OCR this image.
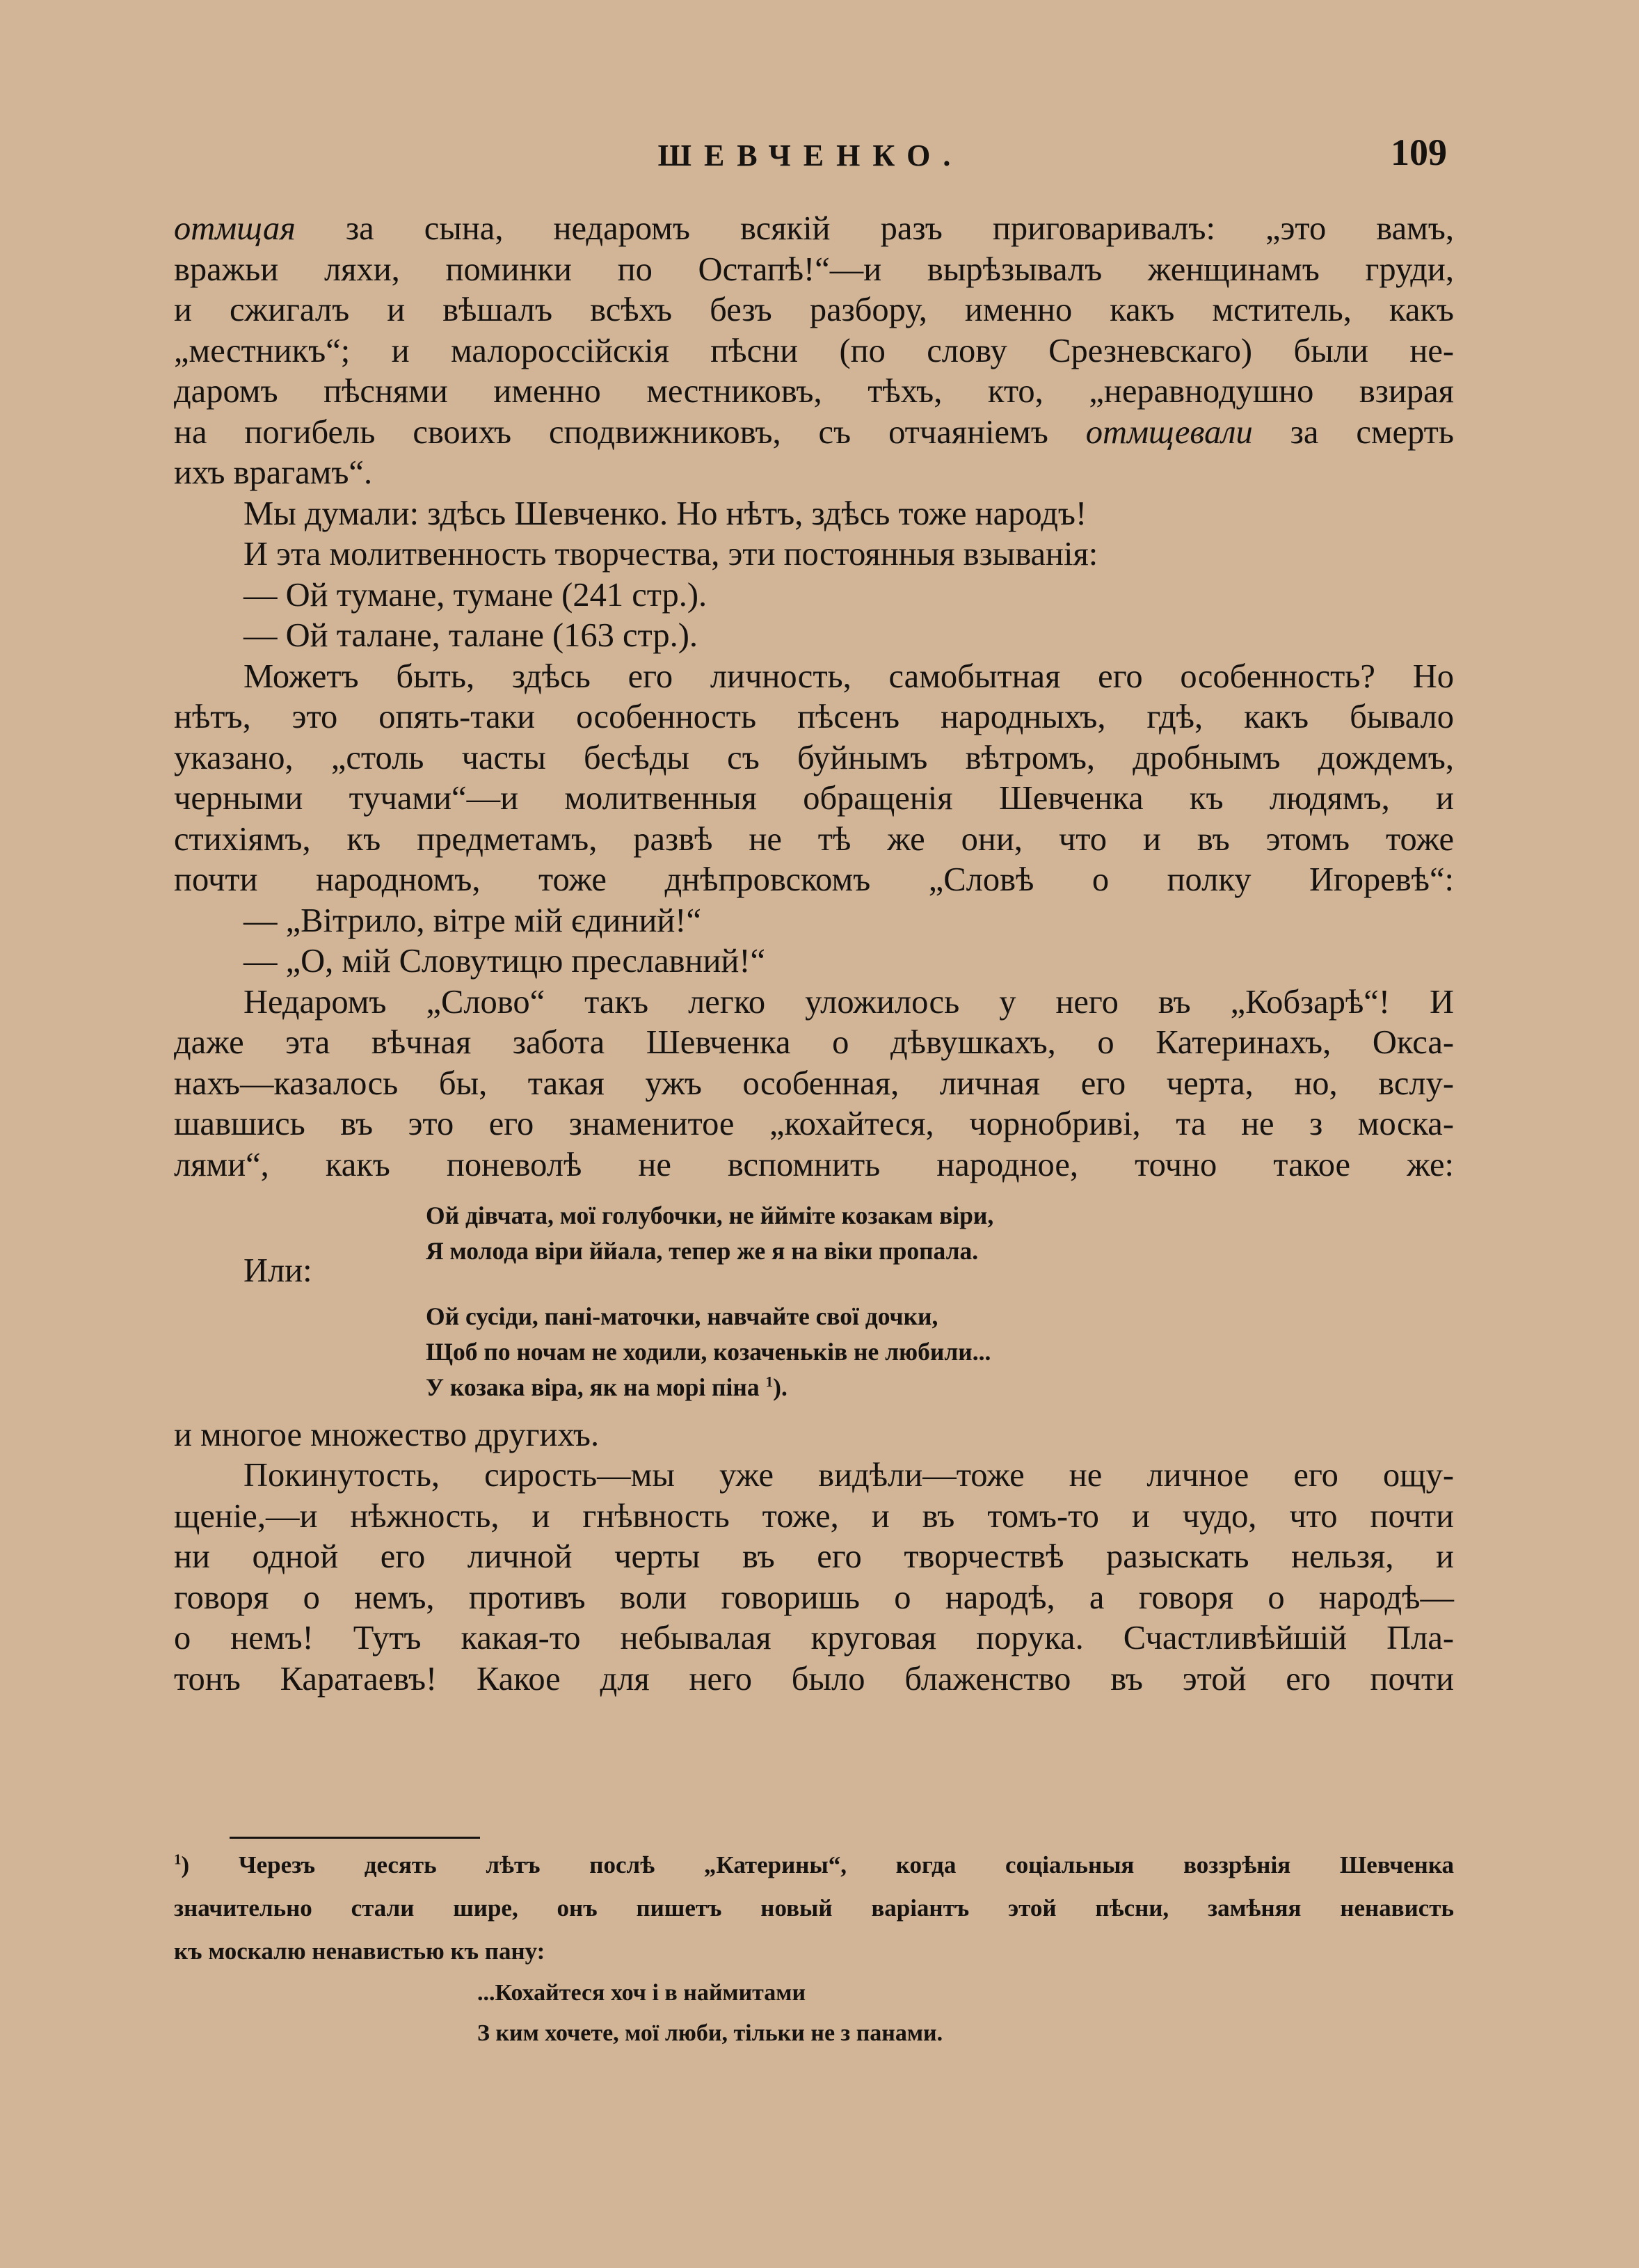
ШЕВЧЕНКО.	109
отмщая за сына, недаромъ всякій разъ приговаривалъ: „это вамъ,
вражьи ляхи, поминки по Остапѣ!“—и вырѣзывалъ женщинамъ груди,
и сжигалъ и вѣшалъ всѣхъ безъ разбору, именно какъ мститель, какъ
„местникъ“; и малороссійскія пѣсни (по слову Срезневскаго) были не-
даромъ пѣснями именно местниковъ, тѣхъ, кто, „неравнодушно взирая
на погибель своихъ сподвижниковъ, съ отчаяніемъ отмщевали за смерть
ихъ врагамъ“.
Мы думали: здѣсь Шевченко. Но нѣтъ, здѣсь тоже народъ!
И эта молитвенность творчества, эти постоянныя взыванія:
— Ой тумане, тумане (241 стр.).
— Ой талане, талане (163 стр.).
Можетъ быть, здѣсь его личность, самобытная его особенность? Но
нѣтъ, это опять-таки особенность пѣсенъ народныхъ, гдѣ, какъ бывало
указано, „столь часты бесѣды съ буйнымъ вѣтромъ, дробнымъ дождемъ,
черными тучами“—и молитвенныя обращенія Шевченка къ людямъ, и
стихіямъ, къ предметамъ, развѣ не тѣ же они, что и въ этомъ тоже
почти народномъ, тоже днѣпровскомъ „Словѣ о полку Игоревѣ“:
— „Вітрило, вітре мій єдиний!“
— „О, мій Словутицю преславний!“
Недаромъ „Слово“ такъ легко уложилось у него въ „Кобзарѣ“! И
даже эта вѣчная забота Шевченка о дѣвушкахъ, о Катеринахъ, Окса-
нахъ—казалось бы, такая ужъ особенная, личная его черта, но, вслу-
шавшись въ это его знаменитое „кохайтеся, чорнобриві, та не з моска-
лями“, какъ поневолѣ не вспомнить народное, точно такое же:
Ой дівчата, мої голубочки, не ййміте козакам віри,
Я молода віри ййала, тепер же я на віки пропала.
Или:
Ой сусіди, пані-маточки, навчайте свої дочки,
Щоб по ночам не ходили, козаченьків не любили...
У козака віра, як на морі піна $^1$).
и многое множество другихъ.
Покинутость, сирость—мы уже видѣли—тоже не личное его ощу-
щеніе,—и нѣжность, и гнѣвность тоже, и въ томъ-то и чудо, что почти
ни одной его личной черты въ его творчествѣ разыскать нельзя, и
говоря о немъ, противъ воли говоришь о народѣ, а говоря о народѣ—
о немъ! Тутъ какая-то небывалая круговая порука. Счастливѣйшій Пла-
тонъ Каратаевъ! Какое для него было блаженство въ этой его почти
$^1$) Черезъ десять лѣтъ послѣ „Катерины“, когда соціальныя воззрѣнія Шевченка
значительно стали шире, онъ пишетъ новый варіантъ этой пѣсни, замѣняя ненависть
къ москалю ненавистью къ пану:
...Кохайтеся хоч і в наймитами
З ким хочете, мої люби, тільки не з панами.
